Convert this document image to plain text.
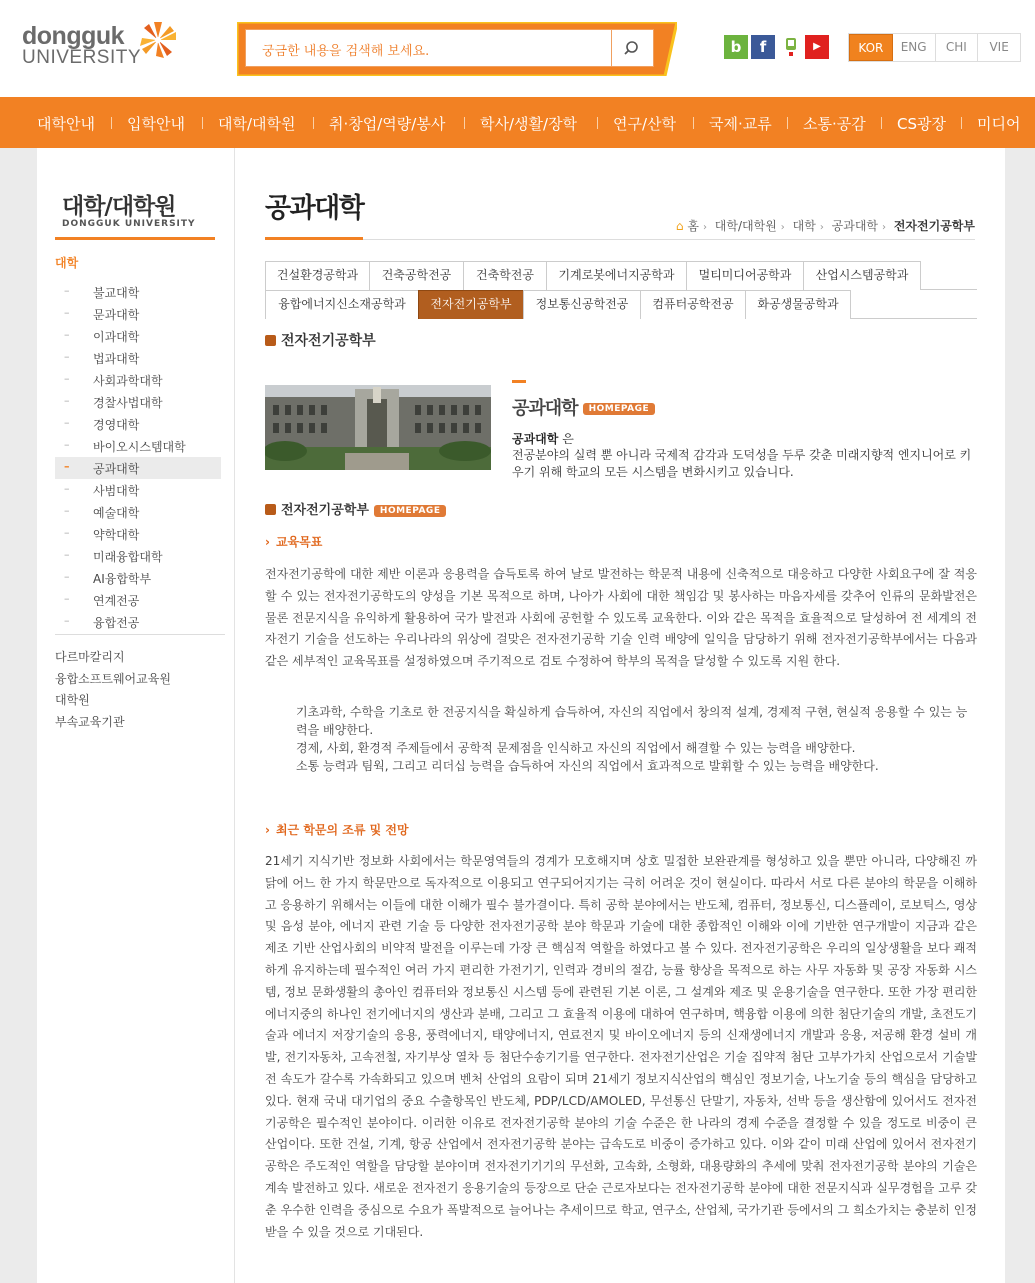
dongguk
UNIVERSITY	궁금한 내용을 검색해 보세요.	b	f	▶	KOR	ENG	CHI	VIE
대학안내 입학안내 대학/대학원 취·창업/역량/봉사 학사/생활/장학 연구/산학 국제·교류 소통·공감 CS광장 미디어
대학/대학원
DONGGUK UNIVERSITY
대학
– 불교대학
– 문과대학
– 이과대학
– 법과대학
– 사회과학대학
– 경찰사법대학
– 경영대학
– 바이오시스템대학
– 공과대학
– 사범대학
– 예술대학
– 약학대학
– 미래융합대학
– AI융합학부
– 연계전공
– 융합전공
다르마칼리지
융합소프트웨어교육원
대학원
부속교육기관
공과대학
⌂ 홈 › 대학/대학원 › 대학 › 공과대학 › 전자전기공학부
건설환경공학과	건축공학전공	건축학전공	기계로봇에너지공학과	멀티미디어공학과	산업시스템공학과
융합에너지신소재공학과	전자전기공학부	정보통신공학전공	컴퓨터공학전공	화공생물공학과
전자전기공학부
공과대학 HOMEPAGE
공과대학 은
전공분야의 실력 뿐 아니라 국제적 감각과 도덕성을 두루 갖춘 미래지향적 엔지니어로 키우기 위해 학교의 모든 시스템을 변화시키고 있습니다.
전자전기공학부 HOMEPAGE
› 교육목표
전자전기공학에 대한 제반 이론과 응용력을 습득토록 하여 날로 발전하는 학문적 내용에 신축적으로 대응하고 다양한 사회요구에 잘 적응할 수 있는 전자전기공학도의 양성을 기본 목적으로 하며, 나아가 사회에 대한 책임감 및 봉사하는 마음자세를 갖추어 인류의 문화발전은 물론 전문지식을 유익하게 활용하여 국가 발전과 사회에 공헌할 수 있도록 교육한다. 이와 같은 목적을 효율적으로 달성하여 전 세계의 전자전기 기술을 선도하는 우리나라의 위상에 걸맞은 전자전기공학 기술 인력 배양에 일익을 담당하기 위해 전자전기공학부에서는 다음과 같은 세부적인 교육목표를 설정하였으며 주기적으로 검토 수정하여 학부의 목적을 달성할 수 있도록 지원 한다.
기초과학, 수학을 기초로 한 전공지식을 확실하게 습득하여, 자신의 직업에서 창의적 설계, 경제적 구현, 현실적 응용할 수 있는 능력을 배양한다.
경제, 사회, 환경적 주제들에서 공학적 문제점을 인식하고 자신의 직업에서 해결할 수 있는 능력을 배양한다.
소통 능력과 팀웍, 그리고 리더십 능력을 습득하여 자신의 직업에서 효과적으로 발휘할 수 있는 능력을 배양한다.
› 최근 학문의 조류 및 전망
21세기 지식기반 정보화 사회에서는 학문영역들의 경계가 모호해지며 상호 밀접한 보완관계를 형성하고 있을 뿐만 아니라, 다양해진 까닭에 어느 한 가지 학문만으로 독자적으로 이용되고 연구되어지기는 극히 어려운 것이 현실이다. 따라서 서로 다른 분야의 학문을 이해하고 응용하기 위해서는 이들에 대한 이해가 필수 불가결이다. 특히 공학 분야에서는 반도체, 컴퓨터, 정보통신, 디스플레이, 로보틱스, 영상 및 음성 분야, 에너지 관련 기술 등 다양한 전자전기공학 분야 학문과 기술에 대한 종합적인 이해와 이에 기반한 연구개발이 지금과 같은 제조 기반 산업사회의 비약적 발전을 이루는데 가장 큰 핵심적 역할을 하였다고 볼 수 있다. 전자전기공학은 우리의 일상생활을 보다 쾌적하게 유지하는데 필수적인 여러 가지 편리한 가전기기, 인력과 경비의 절감, 능률 향상을 목적으로 하는 사무 자동화 및 공장 자동화 시스템, 정보 문화생활의 총아인 컴퓨터와 정보통신 시스템 등에 관련된 기본 이론, 그 설계와 제조 및 운용기술을 연구한다. 또한 가장 편리한 에너지중의 하나인 전기에너지의 생산과 분배, 그리고 그 효율적 이용에 대하여 연구하며, 핵융합 이용에 의한 첨단기술의 개발, 초전도기술과 에너지 저장기술의 응용, 풍력에너지, 태양에너지, 연료전지 및 바이오에너지 등의 신재생에너지 개발과 응용, 저공해 환경 설비 개발, 전기자동차, 고속전철, 자기부상 열차 등 첨단수송기기를 연구한다. 전자전기산업은 기술 집약적 첨단 고부가가치 산업으로서 기술발전 속도가 갈수록 가속화되고 있으며 벤처 산업의 요람이 되며 21세기 정보지식산업의 핵심인 정보기술, 나노기술 등의 핵심을 담당하고 있다. 현재 국내 대기업의 중요 수출항목인 반도체, PDP/LCD/AMOLED, 무선통신 단말기, 자동차, 선박 등을 생산함에 있어서도 전자전기공학은 필수적인 분야이다. 이러한 이유로 전자전기공학 분야의 기술 수준은 한 나라의 경제 수준을 결정할 수 있을 정도로 비중이 큰 산업이다. 또한 건설, 기계, 항공 산업에서 전자전기공학 분야는 급속도로 비중이 증가하고 있다. 이와 같이 미래 산업에 있어서 전자전기공학은 주도적인 역할을 담당할 분야이며 전자전기기기의 무선화, 고속화, 소형화, 대용량화의 추세에 맞춰 전자전기공학 분야의 기술은 계속 발전하고 있다. 새로운 전자전기 응용기술의 등장으로 단순 근로자보다는 전자전기공학 분야에 대한 전문지식과 실무경험을 고루 갖춘 우수한 인력을 중심으로 수요가 폭발적으로 늘어나는 추세이므로 학교, 연구소, 산업체, 국가기관 등에서의 그 희소가치는 충분히 인정받을 수 있을 것으로 기대된다.
